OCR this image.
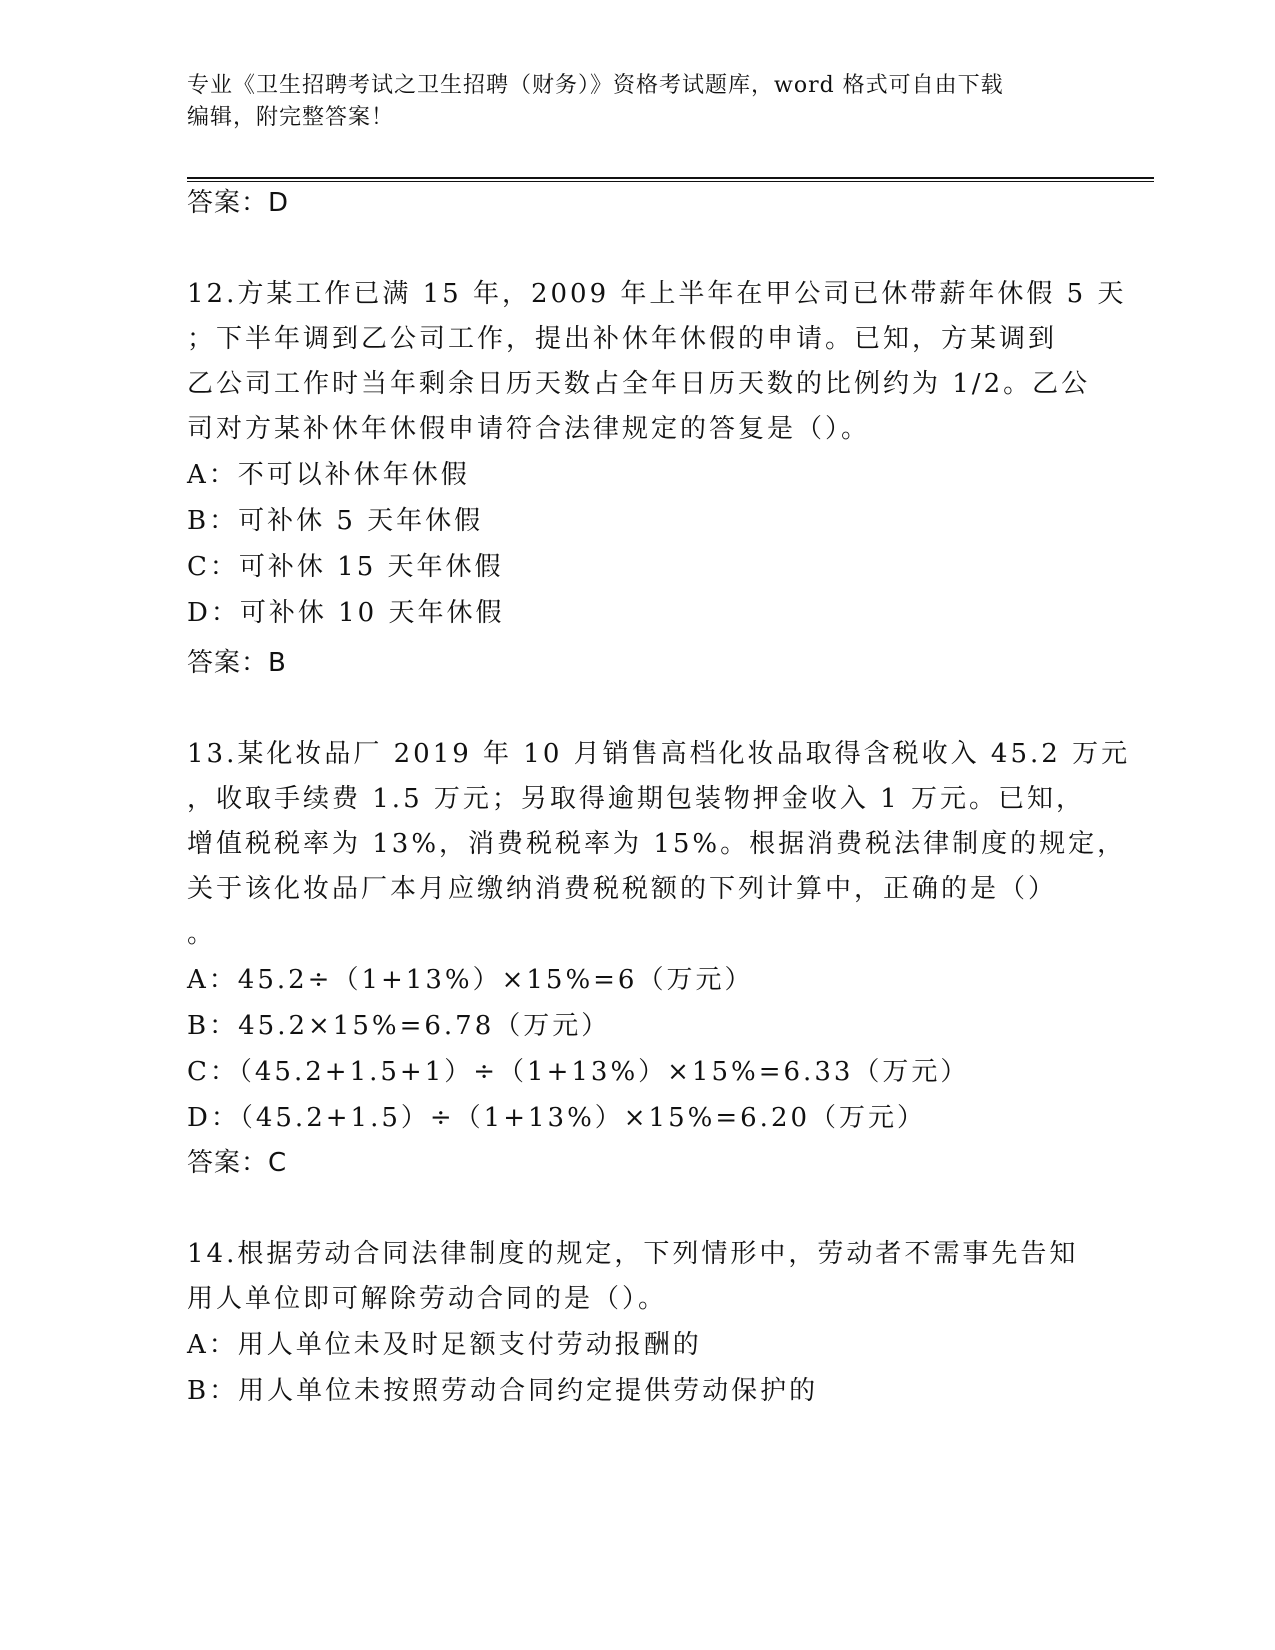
专业《卫生招聘考试之卫生招聘（财务）》资格考试题库，word 格式可自由下载
编辑，附完整答案！
答案：D
12.方某工作已满 15 年，2009 年上半年在甲公司已休带薪年休假 5 天
；下半年调到乙公司工作，提出补休年休假的申请。已知，方某调到
乙公司工作时当年剩余日历天数占全年日历天数的比例约为 1/2。乙公
司对方某补休年休假申请符合法律规定的答复是（）。
A：不可以补休年休假
B：可补休 5 天年休假
C：可补休 15 天年休假
D：可补休 10 天年休假
答案：B
13.某化妆品厂 2019 年 10 月销售高档化妆品取得含税收入 45.2 万元
，收取手续费 1.5 万元；另取得逾期包装物押金收入 1 万元。已知，
增值税税率为 13%，消费税税率为 15%。根据消费税法律制度的规定，
关于该化妆品厂本月应缴纳消费税税额的下列计算中，正确的是（）
。
A：45.2÷（1+13%）×15%=6（万元）
B：45.2×15%=6.78（万元）
C：（45.2+1.5+1）÷（1+13%）×15%=6.33（万元）
D：（45.2+1.5）÷（1+13%）×15%=6.20（万元）
答案：C
14.根据劳动合同法律制度的规定，下列情形中，劳动者不需事先告知
用人单位即可解除劳动合同的是（）。
A：用人单位未及时足额支付劳动报酬的
B：用人单位未按照劳动合同约定提供劳动保护的
